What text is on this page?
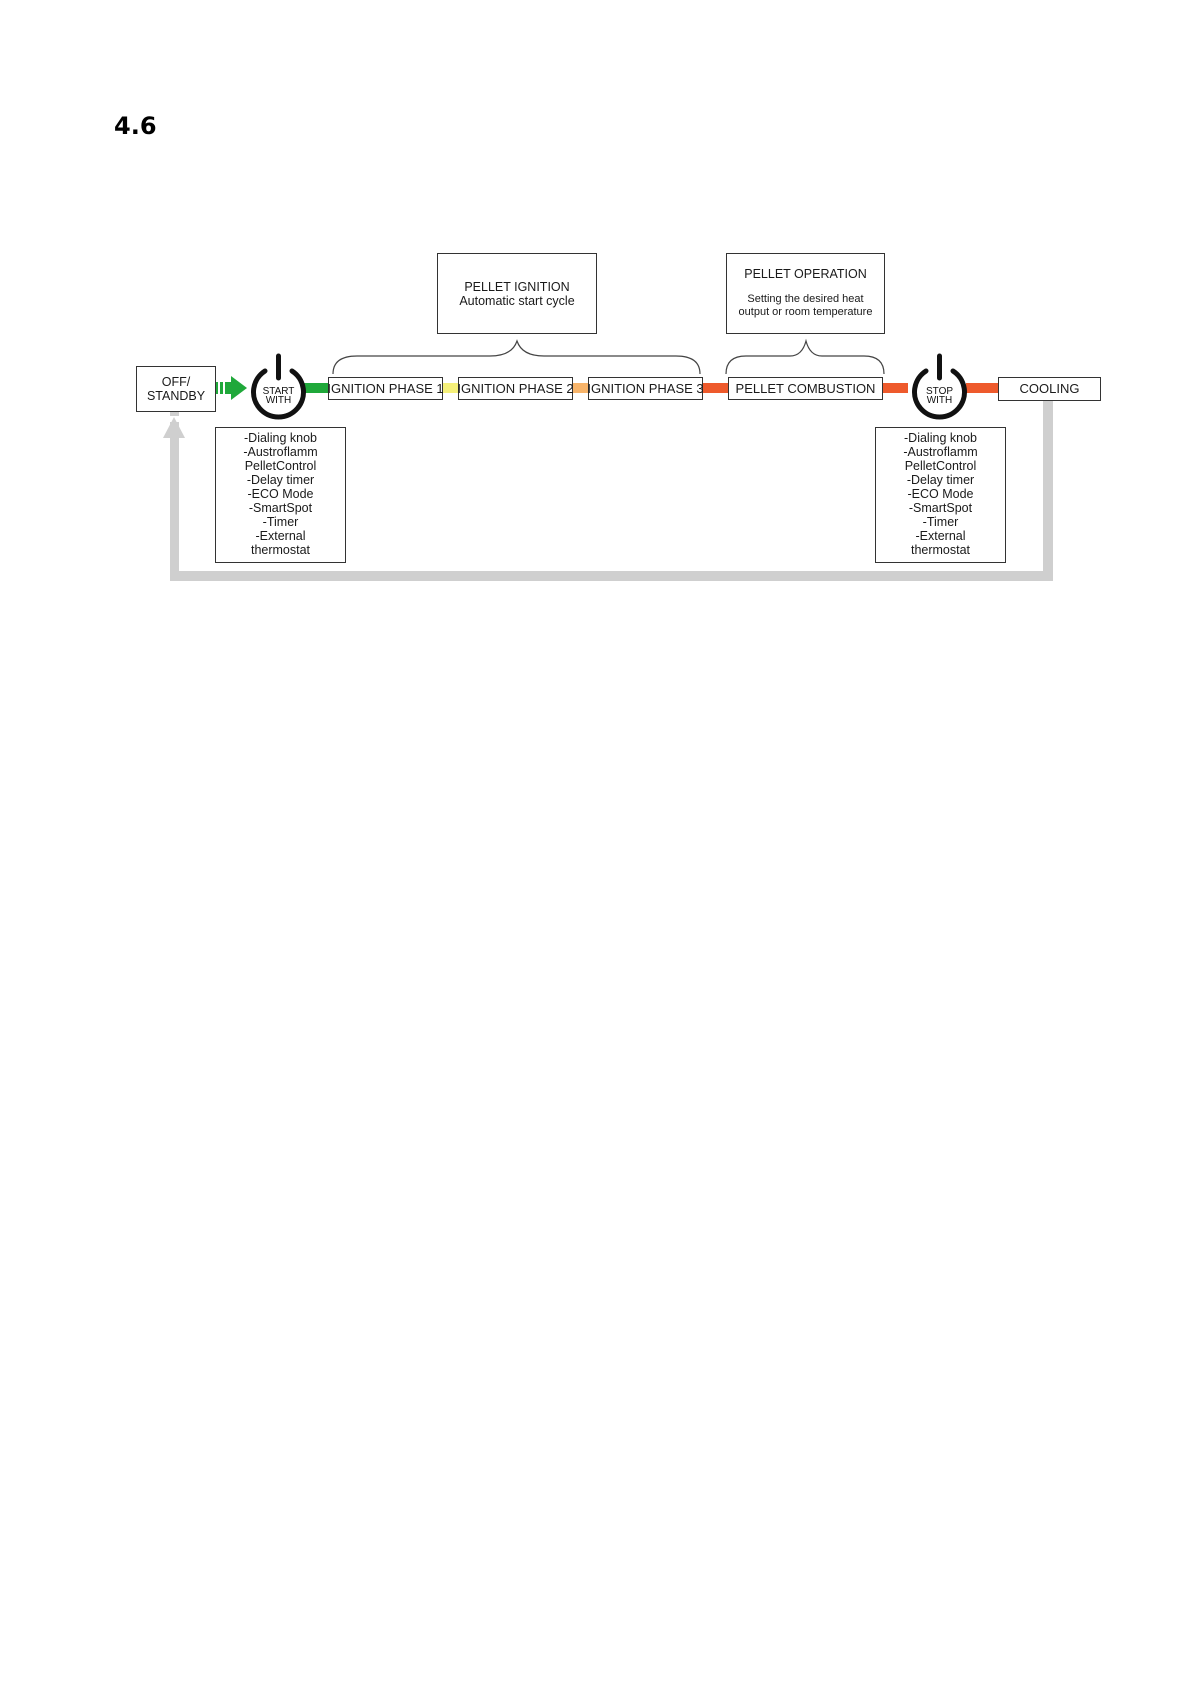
4.6
START
WITH
STOP
WITH
OFF/
STANDBY
IGNITION PHASE 1 IGNITION PHASE 2 IGNITION PHASE 3 PELLET COMBUSTION	COOLING
PELLET IGNITION
Automatic start cycle
PELLET OPERATION
Setting the desired heat
output or room temperature
-Dialing knob
-Austroflamm
PelletControl
-Delay timer
-ECO Mode
-SmartSpot
-Timer
-External
thermostat
-Dialing knob
-Austroflamm
PelletControl
-Delay timer
-ECO Mode
-SmartSpot
-Timer
-External
thermostat
